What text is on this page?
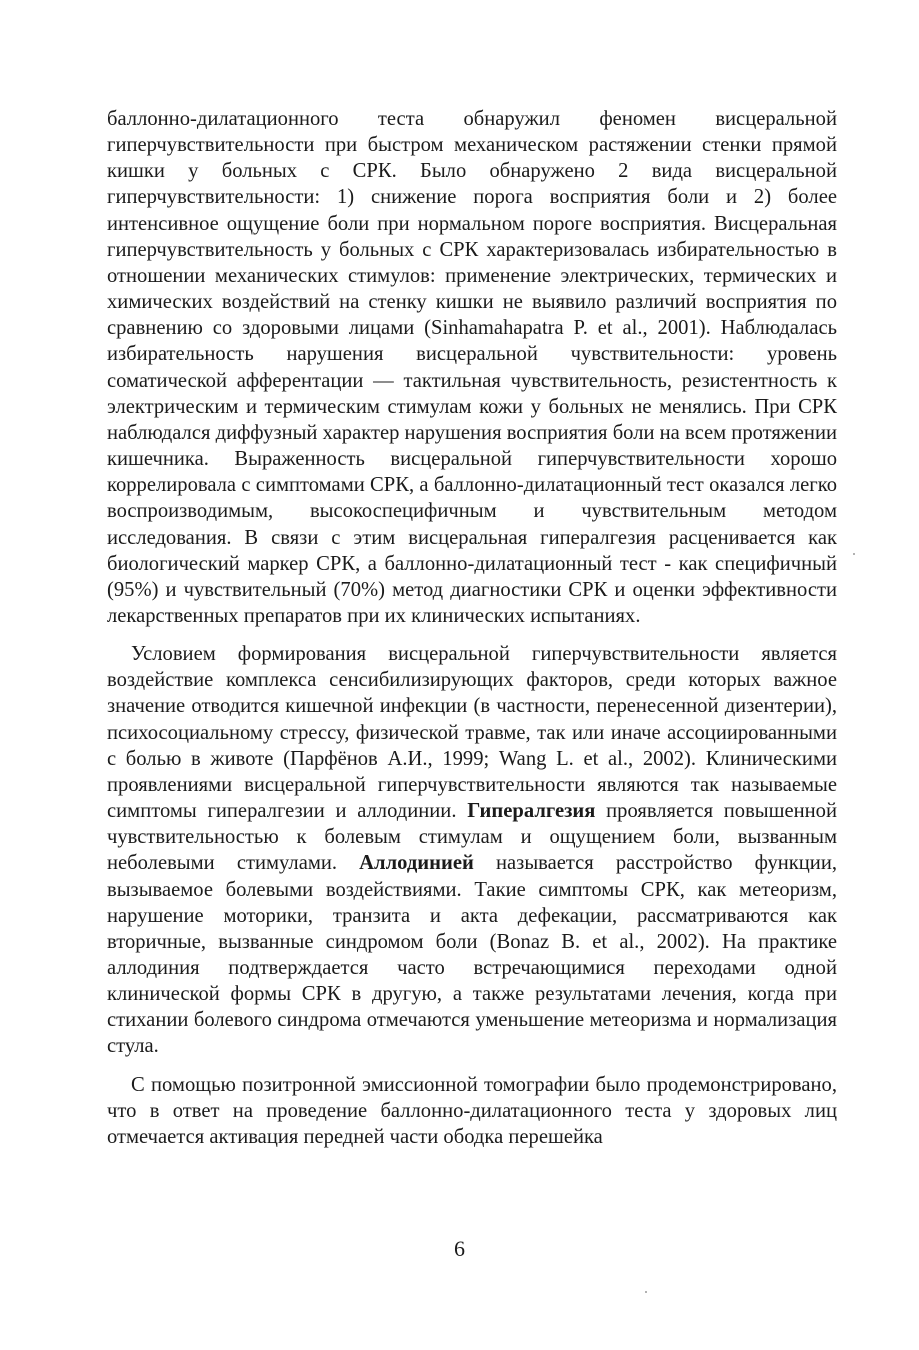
баллонно-дилатационного теста обнаружил феномен висцеральной гиперчувствительности при быстром механическом растяжении стенки прямой кишки у больных с СРК. Было обнаружено 2 вида висцеральной гиперчувствительности: 1) снижение порога восприятия боли и 2) более интенсивное ощущение боли при нормальном пороге восприятия. Висцеральная гиперчувствительность у больных с СРК характеризовалась избирательностью в отношении механических стимулов: применение электрических, термических и химических воздействий на стенку кишки не выявило различий восприятия по сравнению со здоровыми лицами (Sinhamahapatra P. et al., 2001). Наблюдалась избирательность нарушения висцеральной чувствительности: уровень соматической афферентации — тактильная чувствительность, резистентность к электрическим и термическим стимулам кожи у больных не менялись. При СРК наблюдался диффузный характер нарушения восприятия боли на всем протяжении кишечника. Выраженность висцеральной гиперчувствительности хорошо коррелировала с симптомами СРК, а баллонно-дилатационный тест оказался легко воспроизводимым, высокоспецифичным и чувствительным методом исследования. В связи с этим висцеральная гипералгезия расценивается как биологический маркер СРК, а баллонно-дилатационный тест - как специфичный (95%) и чувствительный (70%) метод диагностики СРК и оценки эффективности лекарственных препаратов при их клинических испытаниях.

Условием формирования висцеральной гиперчувствительности является воздействие комплекса сенсибилизирующих факторов, среди которых важное значение отводится кишечной инфекции (в частности, перенесенной дизентерии), психосоциальному стрессу, физической травме, так или иначе ассоциированными с болью в животе (Парфёнов А.И., 1999; Wang L. et al., 2002). Клиническими проявлениями висцеральной гиперчувствительности являются так называемые симптомы гипералгезии и аллодинии. Гипералгезия проявляется повышенной чувствительностью к болевым стимулам и ощущением боли, вызванным неболевыми стимулами. Аллодинией называется расстройство функции, вызываемое болевыми воздействиями. Такие симптомы СРК, как метеоризм, нарушение моторики, транзита и акта дефекации, рассматриваются как вторичные, вызванные синдромом боли (Bonaz B. et al., 2002). На практике аллодиния подтверждается часто встречающимися переходами одной клинической формы СРК в другую, а также результатами лечения, когда при стихании болевого синдрома отмечаются уменьшение метеоризма и нормализация стула.

С помощью позитронной эмиссионной томографии было продемонстрировано, что в ответ на проведение баллонно-дилатационного теста у здоровых лиц отмечается активация передней части ободка перешейка

6
